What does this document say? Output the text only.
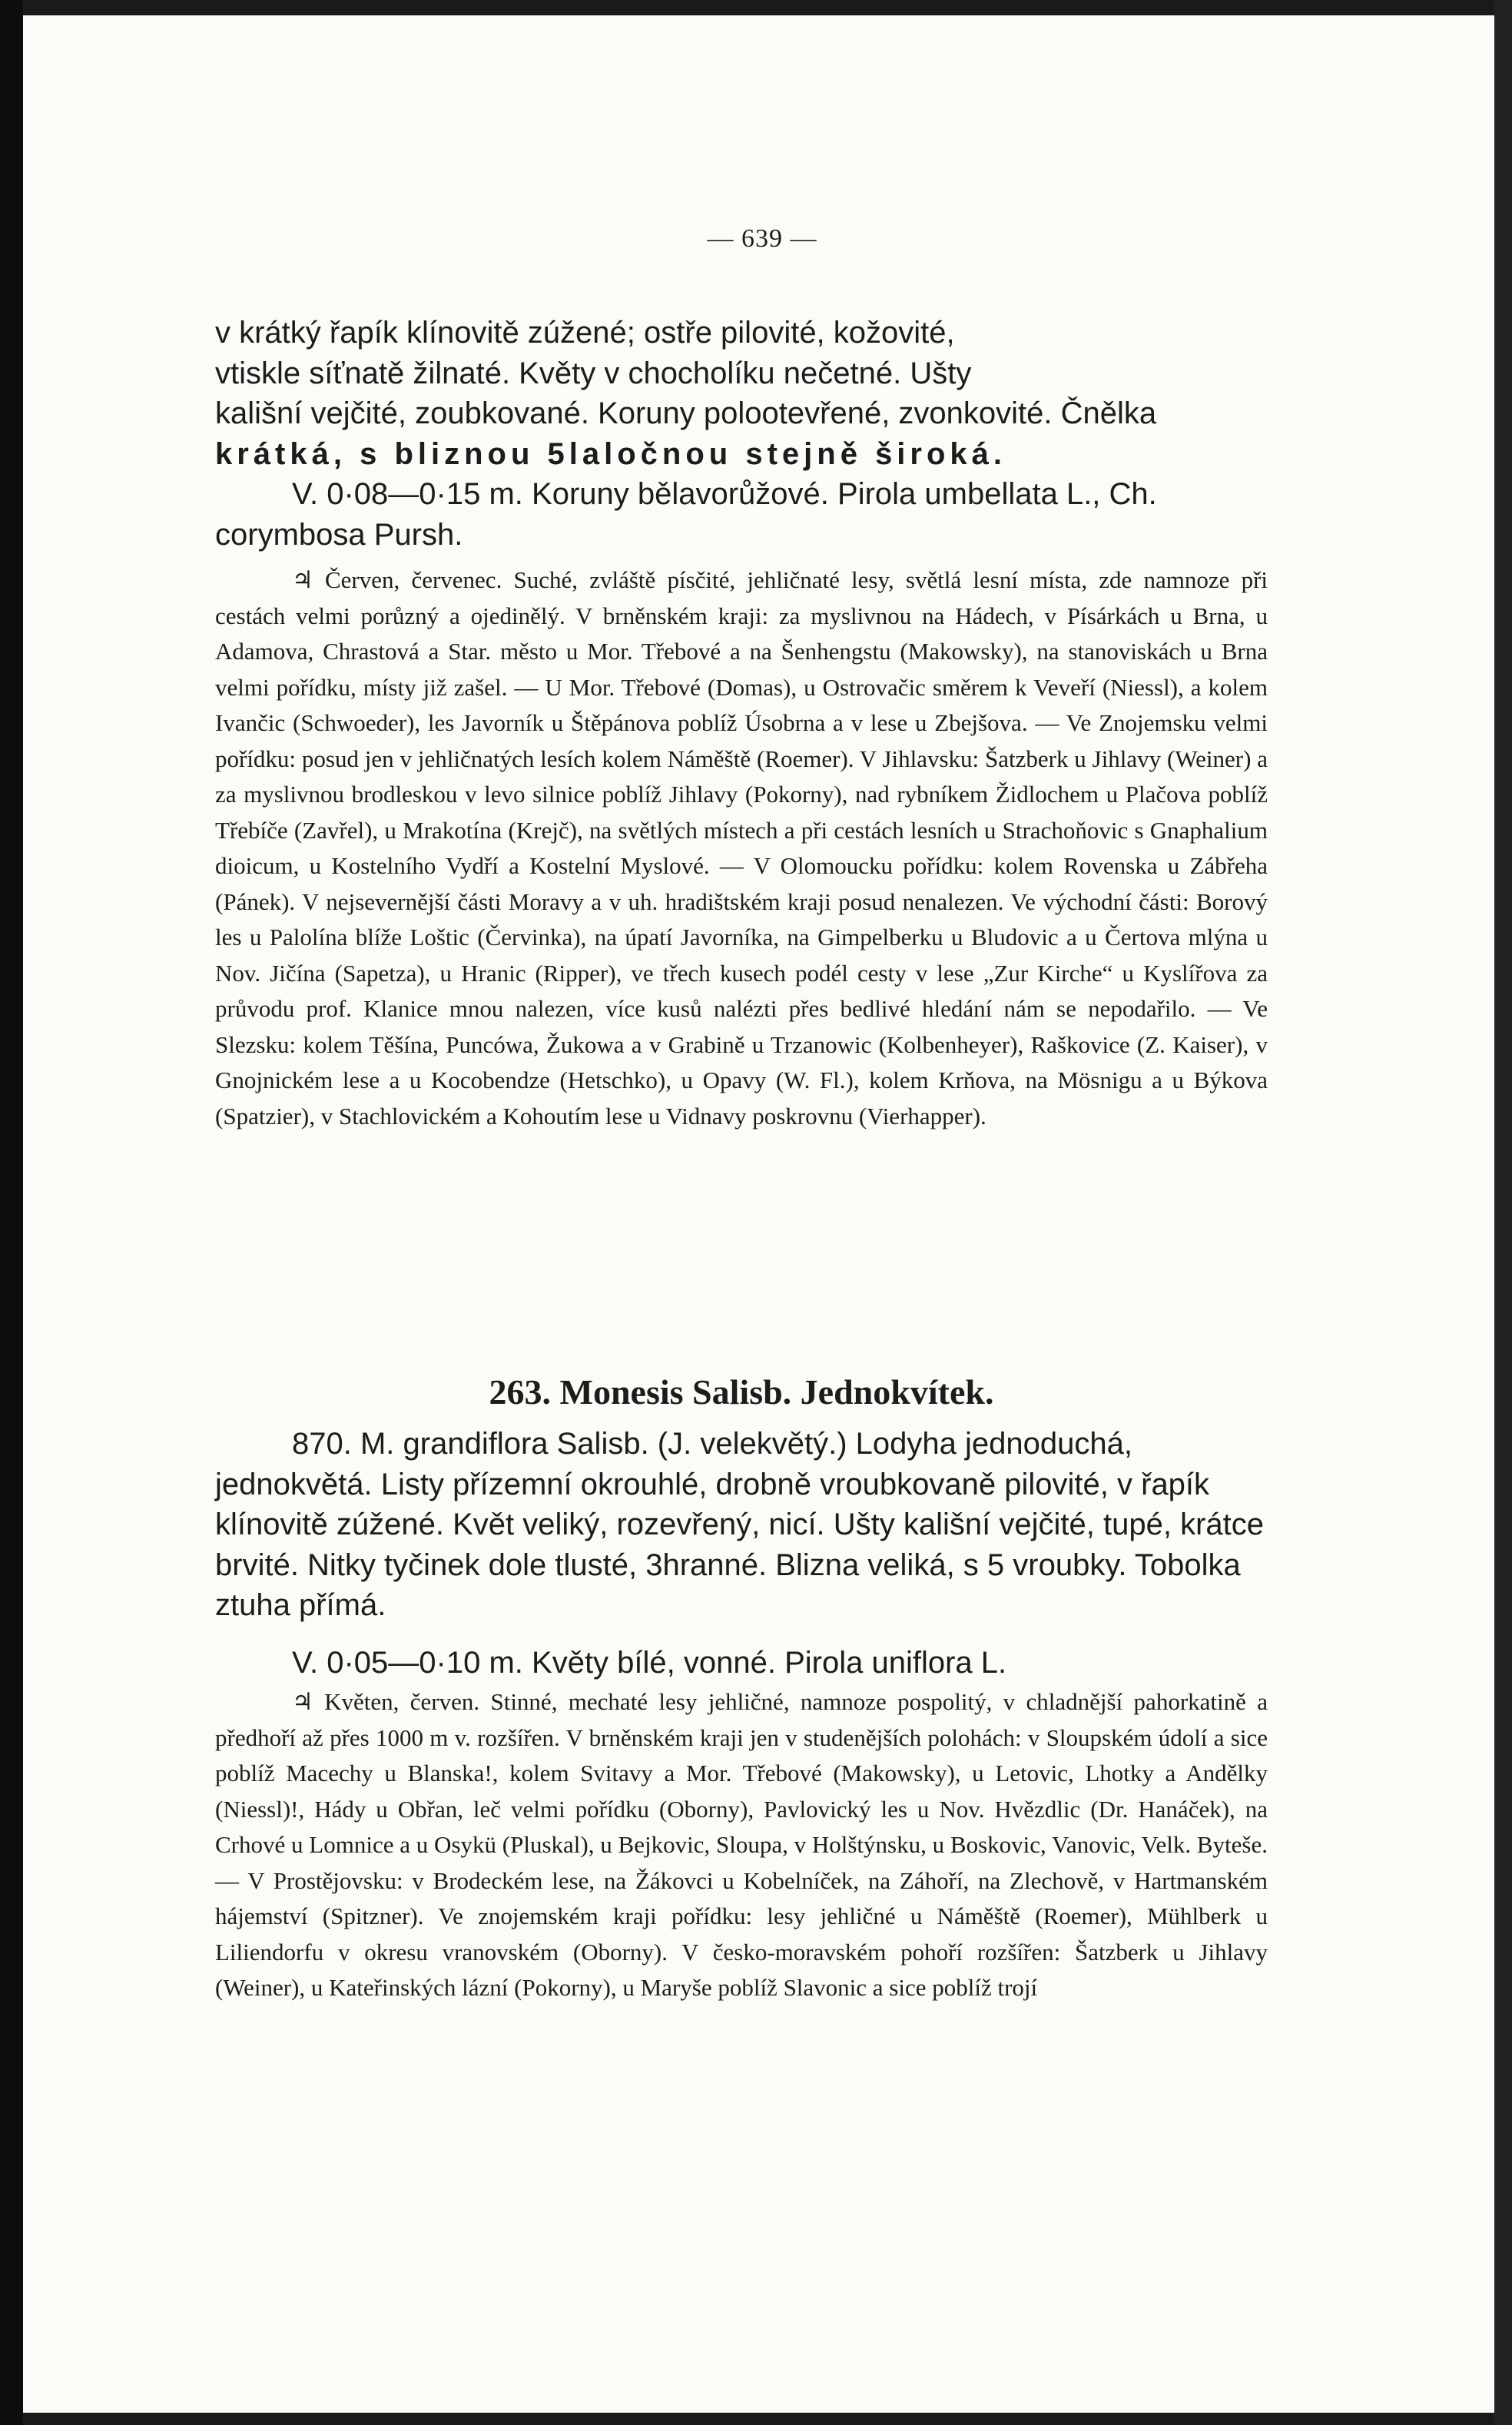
— 639 —
v krátký řapík klínovitě zúžené; ostře pilovité, kožovité,
vtiskle síťnatě žilnaté. Květy v chocholíku nečetné. Ušty
kališní vejčité, zoubkované. Koruny polootevřené, zvonkovité. Čnělka
krátká, s bliznou 5laločnou stejně široká.
V. 0·08—0·15 m. Koruny bělavorůžové. Pirola umbellata L., Ch.
corymbosa Pursh.
♃ Červen, červenec. Suché, zvláště písčité, jehličnaté lesy, světlá lesní místa, zde namnoze při cestách velmi porůzný a ojedinělý. V brněnském kraji: za myslivnou na Hádech, v Písárkách u Brna, u Adamova, Chrastová a Star. město u Mor. Třebové a na Šenhengstu (Makowsky), na stanoviskách u Brna velmi pořídku, místy již zašel. — U Mor. Třebové (Domas), u Ostrovačic směrem k Veveří (Niessl), a kolem Ivančic (Schwoeder), les Javorník u Štěpánova poblíž Úsobrna a v lese u Zbejšova. — Ve Znojemsku velmi pořídku: posud jen v jehličnatých lesích kolem Náměště (Roemer). V Jihlavsku: Šatzberk u Jihlavy (Weiner) a za myslivnou brodleskou v levo silnice poblíž Jihlavy (Pokorny), nad rybníkem Židlochem u Plačova poblíž Třebíče (Zavřel), u Mrakotína (Krejč), na světlých místech a při cestách lesních u Strachoňovic s Gnaphalium dioicum, u Kostelního Vydří a Kostelní Myslové. — V Olomoucku pořídku: kolem Rovenska u Zábřeha (Pánek). V nejsevernější části Moravy a v uh. hradištském kraji posud nenalezen. Ve východní části: Borový les u Palolína blíže Loštic (Červinka), na úpatí Javorníka, na Gimpelberku u Bludovic a u Čertova mlýna u Nov. Jičína (Sapetza), u Hranic (Ripper), ve třech kusech podél cesty v lese „Zur Kirche“ u Kyslířova za průvodu prof. Klanice mnou nalezen, více kusů nalézti přes bedlivé hledání nám se nepodařilo. — Ve Slezsku: kolem Těšína, Puncówa, Žukowa a v Grabině u Trzanowic (Kolbenheyer), Raškovice (Z. Kaiser), v Gnojnickém lese a u Kocobendze (Hetschko), u Opavy (W. Fl.), kolem Krňova, na Mösnigu a u Býkova (Spatzier), v Stachlovickém a Kohoutím lese u Vidnavy poskrovnu (Vierhapper).
263. Monesis Salisb. Jednokvítek.
870. M. grandiflora Salisb. (J. velekvětý.) Lodyha jednoduchá, jednokvětá. Listy přízemní okrouhlé, drobně vroubkovaně pilovité, v řapík klínovitě zúžené. Květ veliký, rozevřený, nicí. Ušty kališní vejčité, tupé, krátce brvité. Nitky tyčinek dole tlusté, 3hranné. Blizna veliká, s 5 vroubky. Tobolka ztuha přímá.
V. 0·05—0·10 m. Květy bílé, vonné. Pirola uniflora L.
♃ Květen, červen. Stinné, mechaté lesy jehličné, namnoze pospolitý, v chladnější pahorkatině a předhoří až přes 1000 m v. rozšířen. V brněnském kraji jen v studenějších polohách: v Sloupském údolí a sice poblíž Macechy u Blanska!, kolem Svitavy a Mor. Třebové (Makowsky), u Letovic, Lhotky a Andělky (Niessl)!, Hády u Obřan, leč velmi pořídku (Oborny), Pavlovický les u Nov. Hvězdlic (Dr. Hanáček), na Crhové u Lomnice a u Osykü (Pluskal), u Bejkovic, Sloupa, v Holštýnsku, u Boskovic, Vanovic, Velk. Byteše. — V Prostějovsku: v Brodeckém lese, na Žákovci u Kobelníček, na Záhoří, na Zlechově, v Hartmanském hájemství (Spitzner). Ve znojemském kraji pořídku: lesy jehličné u Náměště (Roemer), Mühlberk u Liliendorfu v okresu vranovském (Oborny). V česko-moravském pohoří rozšířen: Šatzberk u Jihlavy (Weiner), u Kateřinských lázní (Pokorny), u Maryše poblíž Slavonic a sice poblíž trojí
